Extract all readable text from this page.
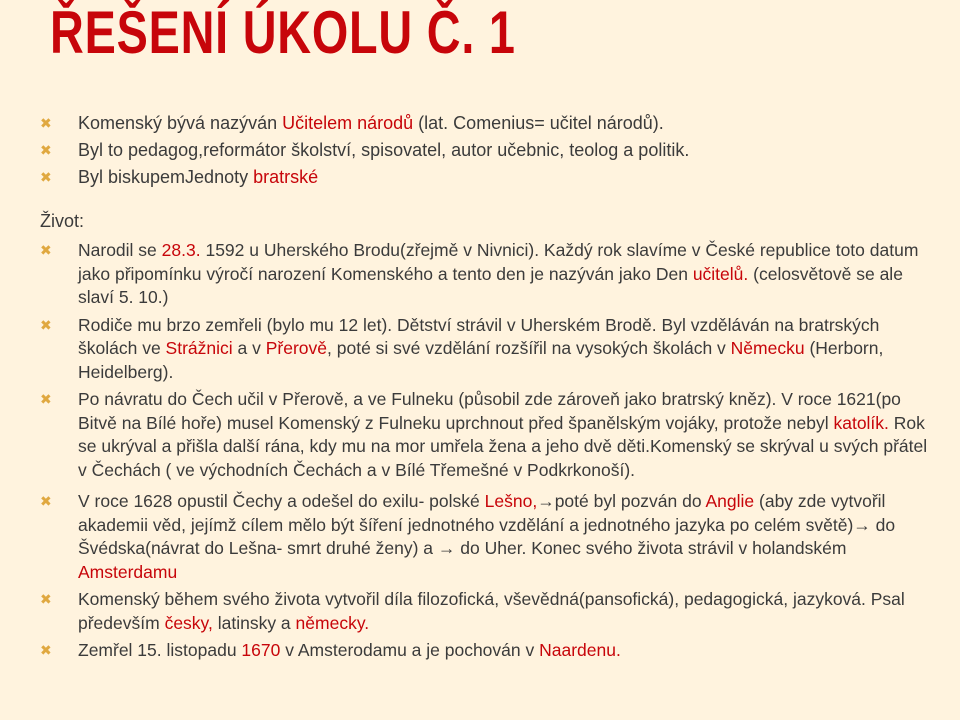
ŘEŠENÍ ÚKOLU Č. 1
✖ Komenský bývá nazýván Učitelem národů (lat. Comenius= učitel národů).
✖ Byl to pedagog,reformátor školství, spisovatel, autor učebnic, teolog a politik.
✖ Byl biskupemJednoty bratrské
Život:
✖ Narodil se 28.3. 1592 u Uherského Brodu(zřejmě v Nivnici). Každý rok slavíme v České republice toto datum jako připomínku výročí narození Komenského a tento den je nazýván jako Den učitelů. (celosvětově se ale slaví 5. 10.)
✖ Rodiče mu brzo zemřeli (bylo mu 12 let). Dětství strávil v Uherském Brodě. Byl vzděláván na bratrských školách ve Strážnici a v Přerově, poté si své vzdělání rozšířil na vysokých školách v Německu (Herborn, Heidelberg).
✖ Po návratu do Čech učil v Přerově, a ve Fulneku (působil zde zároveň jako bratrský kněz). V roce 1621(po Bitvě na Bílé hoře) musel Komenský z Fulneku uprchnout před španělským vojáky, protože nebyl katolík. Rok se ukrýval a přišla další rána, kdy mu na mor umřela žena a jeho dvě děti.Komenský se skrýval u svých přátel v Čechách ( ve východních Čechách a v Bílé Třemešné v Podkrkonoší).
✖ V roce 1628 opustil Čechy a odešel do exilu- polské Lešno,→poté byl pozván do Anglie (aby zde vytvořil akademii věd, jejímž cílem mělo být šíření jednotného vzdělání a jednotného jazyka po celém světě)→ do Švédska(návrat do Lešna- smrt druhé ženy) a → do Uher. Konec svého života strávil v holandském Amsterdamu
✖ Komenský během svého života vytvořil díla filozofická, vševědná(pansofická), pedagogická, jazyková. Psal především česky, latinsky a německy.
✖ Zemřel 15. listopadu 1670 v Amsterodamu a je pochován v Naardenu.
